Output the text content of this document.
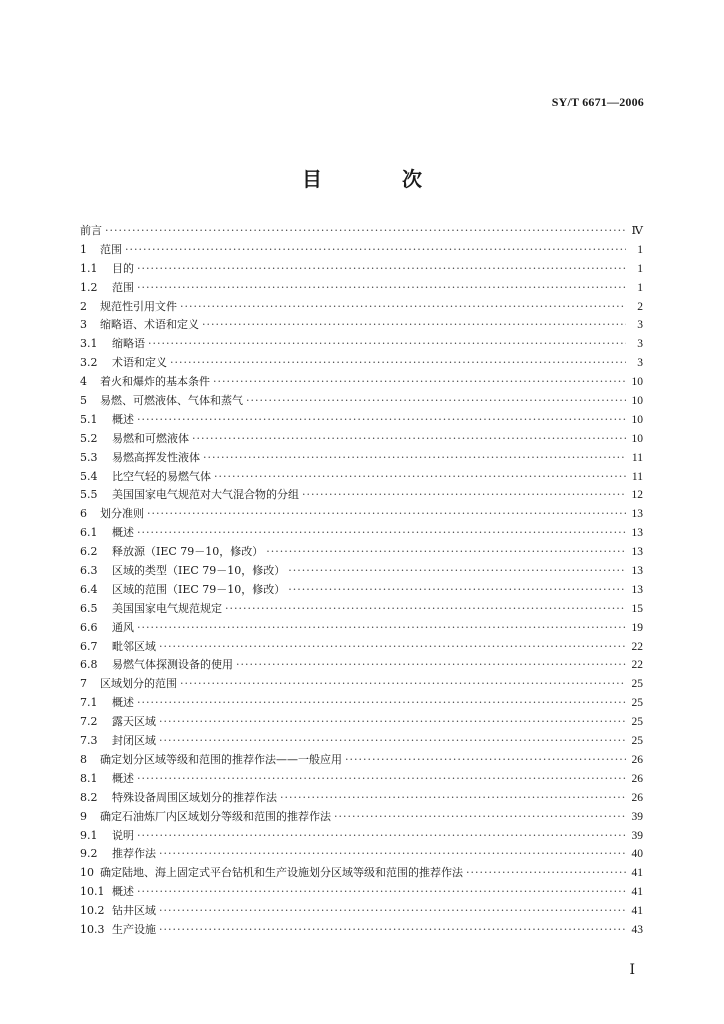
SY/T 6671—2006
目　次
前言 ·····	Ⅳ
1	范围 ·····	1
1.1	目的 ·····	1
1.2	范围 ·····	1
2	规范性引用文件 ·····	2
3	缩略语、术语和定义 ·····	3
3.1	缩略语 ·····	3
3.2	术语和定义 ·····	3
4	着火和爆炸的基本条件 ·····	10
5	易燃、可燃液体、气体和蒸气 ·····	10
5.1	概述 ·····	10
5.2	易燃和可燃液体 ·····	10
5.3	易燃高挥发性液体 ·····	11
5.4	比空气轻的易燃气体 ·····	11
5.5	美国国家电气规范对大气混合物的分组 ·····	12
6	划分准则 ·····	13
6.1	概述 ·····	13
6.2	释放源（IEC 79－10，修改） ·····	13
6.3	区域的类型（IEC 79－10，修改） ·····	13
6.4	区域的范围（IEC 79－10，修改） ·····	13
6.5	美国国家电气规范规定 ·····	15
6.6	通风 ·····	19
6.7	毗邻区域 ·····	22
6.8	易燃气体探测设备的使用 ·····	22
7	区域划分的范围 ·····	25
7.1	概述 ·····	25
7.2	露天区域 ·····	25
7.3	封闭区域 ·····	25
8	确定划分区域等级和范围的推荐作法——一般应用 ·····	26
8.1	概述 ·····	26
8.2	特殊设备周围区域划分的推荐作法 ·····	26
9	确定石油炼厂内区域划分等级和范围的推荐作法 ·····	39
9.1	说明 ·····	39
9.2	推荐作法 ·····	40
10 确定陆地、海上固定式平台钻机和生产设施划分区域等级和范围的推荐作法 ·····	41
10.1 概述 ·····	41
10.2 钻井区域 ·····	41
10.3 生产设施 ·····	43
Ⅰ
